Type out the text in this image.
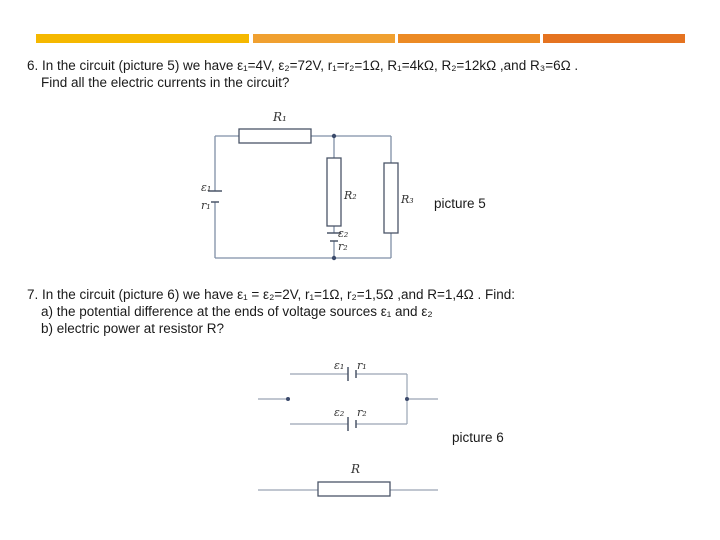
6. In the circuit (picture 5) we have ε₁=4V, ε₂=72V, r₁=r₂=1Ω, R₁=4kΩ, R₂=12kΩ ,and R₃=6Ω .
Find all the electric currents in the circuit?
R₁
R₂	R₃
ε₁
r₁
ε₂
r₂
picture 5
7. In the circuit (picture 6) we have ε₁ = ε₂=2V, r₁=1Ω, r₂=1,5Ω ,and R=1,4Ω . Find:
a) the potential difference at the ends of voltage sources ε₁ and ε₂
b) electric power at resistor R?
ε₁ r₁
ε₂ r₂
R
picture 6
